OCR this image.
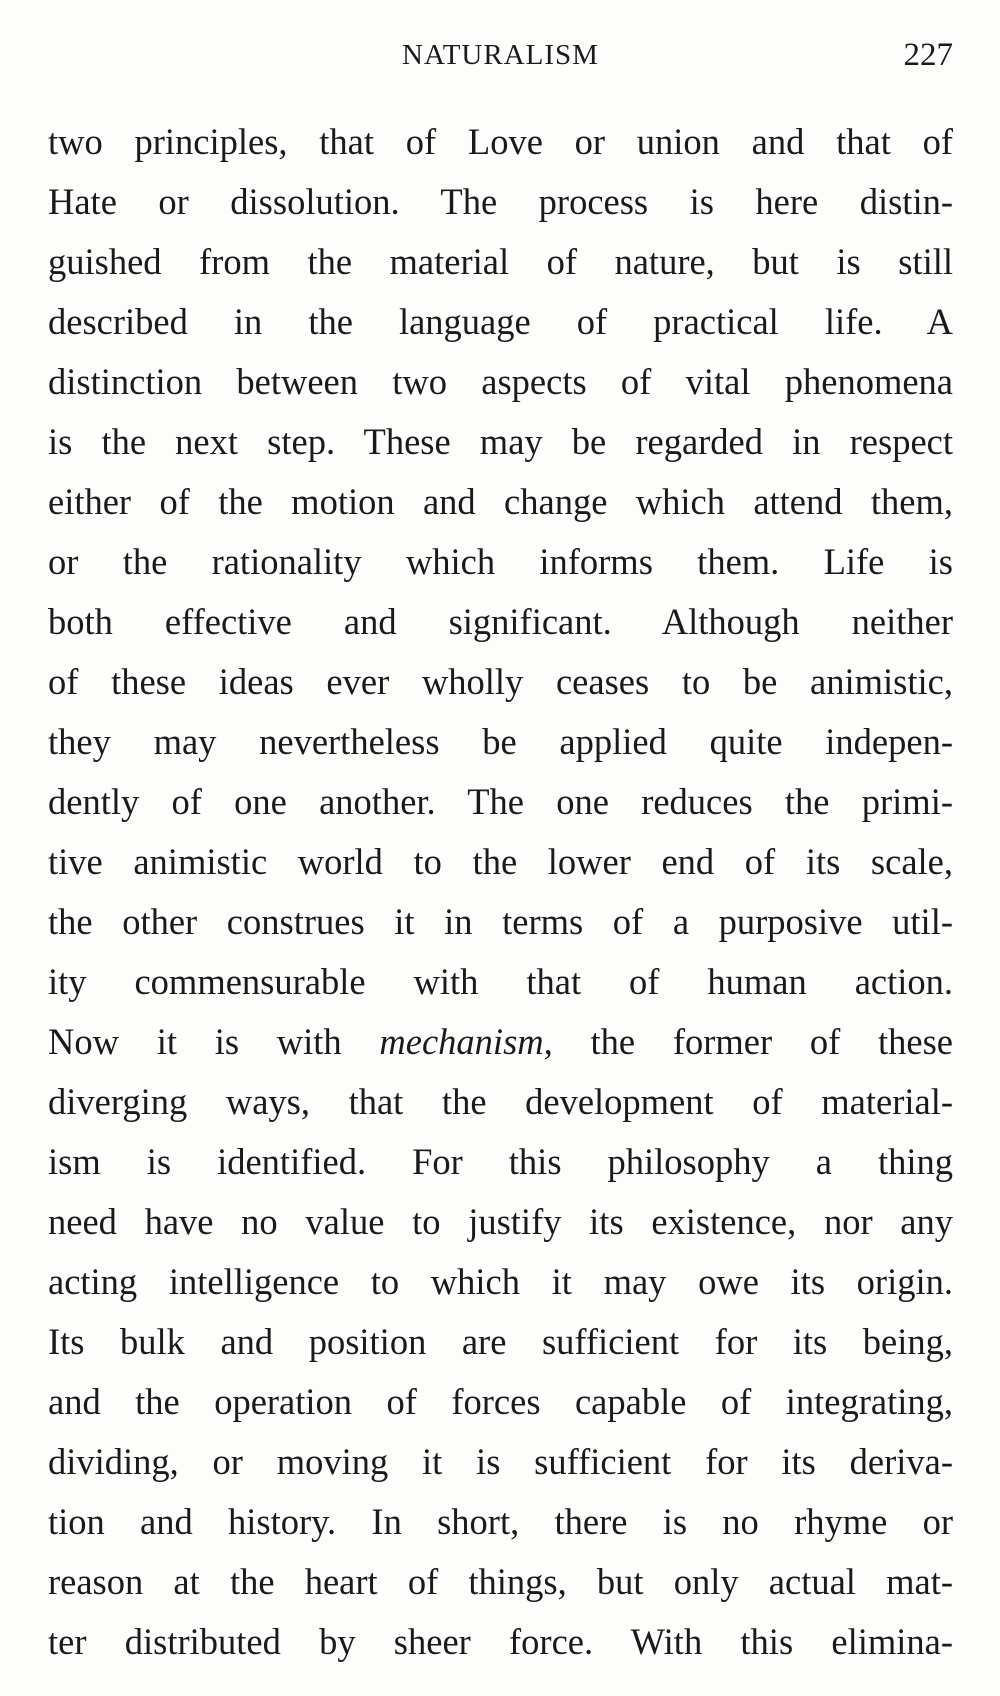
NATURALISM	227
two principles, that of Love or union and that of
Hate or dissolution. The process is here distin-
guished from the material of nature, but is still
described in the language of practical life. A
distinction between two aspects of vital phenomena
is the next step. These may be regarded in respect
either of the motion and change which attend them,
or the rationality which informs them. Life is
both effective and significant. Although neither
of these ideas ever wholly ceases to be animistic,
they may nevertheless be applied quite indepen-
dently of one another. The one reduces the primi-
tive animistic world to the lower end of its scale,
the other construes it in terms of a purposive util-
ity commensurable with that of human action.
Now it is with mechanism, the former of these
diverging ways, that the development of material-
ism is identified. For this philosophy a thing
need have no value to justify its existence, nor any
acting intelligence to which it may owe its origin.
Its bulk and position are sufficient for its being,
and the operation of forces capable of integrating,
dividing, or moving it is sufficient for its deriva-
tion and history. In short, there is no rhyme or
reason at the heart of things, but only actual mat-
ter distributed by sheer force. With this elimina-
